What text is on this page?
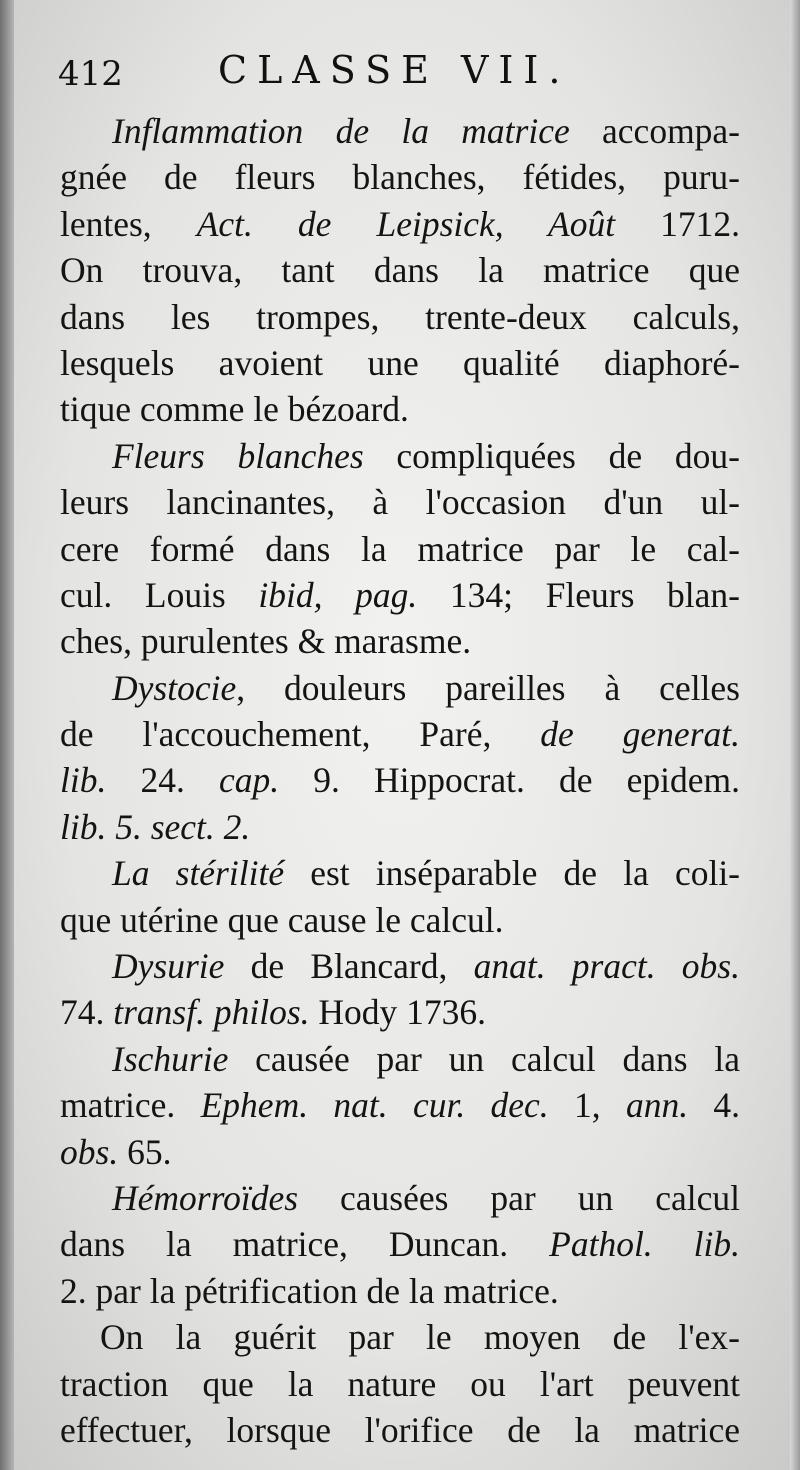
412	CLASSE VII.
Inflammation de la matrice accompa-
gnée de fleurs blanches, fétides, puru-
lentes, Act. de Leipsick, Août 1712.
On trouva, tant dans la matrice que
dans les trompes, trente-deux calculs,
lesquels avoient une qualité diaphoré-
tique comme le bézoard.
Fleurs blanches compliquées de dou-
leurs lancinantes, à l'occasion d'un ul-
cere formé dans la matrice par le cal-
cul. Louis ibid, pag. 134; Fleurs blan-
ches, purulentes & marasme.
Dystocie, douleurs pareilles à celles
de l'accouchement, Paré, de generat.
lib. 24. cap. 9. Hippocrat. de epidem.
lib. 5. sect. 2.
La stérilité est inséparable de la coli-
que utérine que cause le calcul.
Dysurie de Blancard, anat. pract. obs.
74. transf. philos. Hody 1736.
Ischurie causée par un calcul dans la
matrice. Ephem. nat. cur. dec. 1, ann. 4.
obs. 65.
Hémorroïdes causées par un calcul
dans la matrice, Duncan. Pathol. lib.
2. par la pétrification de la matrice.
On la guérit par le moyen de l'ex-
traction que la nature ou l'art peuvent
effectuer, lorsque l'orifice de la matrice
